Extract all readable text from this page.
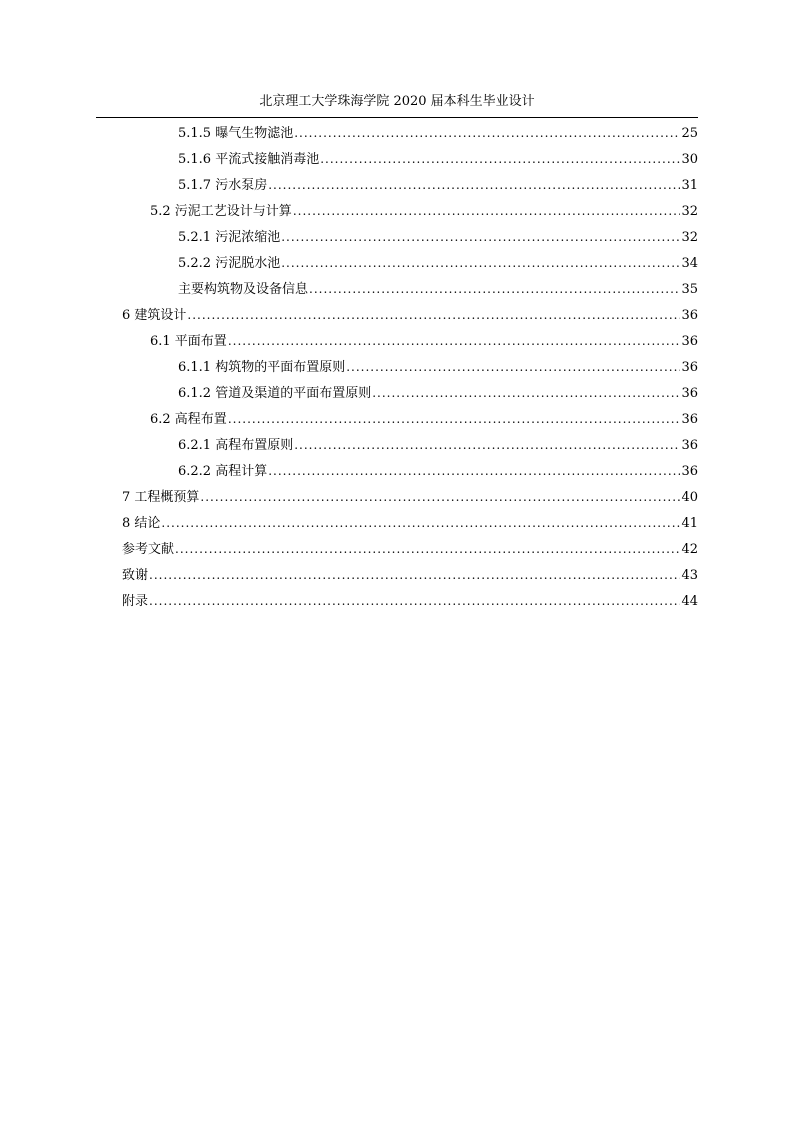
北京理工大学珠海学院 2020 届本科生毕业设计
5.1.5 曝气生物滤池 .....	25
5.1.6 平流式接触消毒池 .....	30
5.1.7 污水泵房 .....	31
5.2 污泥工艺设计与计算 .....	32
5.2.1 污泥浓缩池 .....	32
5.2.2 污泥脱水池 .....	34
主要构筑物及设备信息 .....	35
6 建筑设计 .....	36
6.1 平面布置 .....	36
6.1.1 构筑物的平面布置原则 .....	36
6.1.2 管道及渠道的平面布置原则 .....	36
6.2 高程布置 .....	36
6.2.1 高程布置原则 .....	36
6.2.2 高程计算 .....	36
7 工程概预算 .....	40
8 结论 .....	41
参考文献 .....	42
致谢 .....	43
附录 .....	44
